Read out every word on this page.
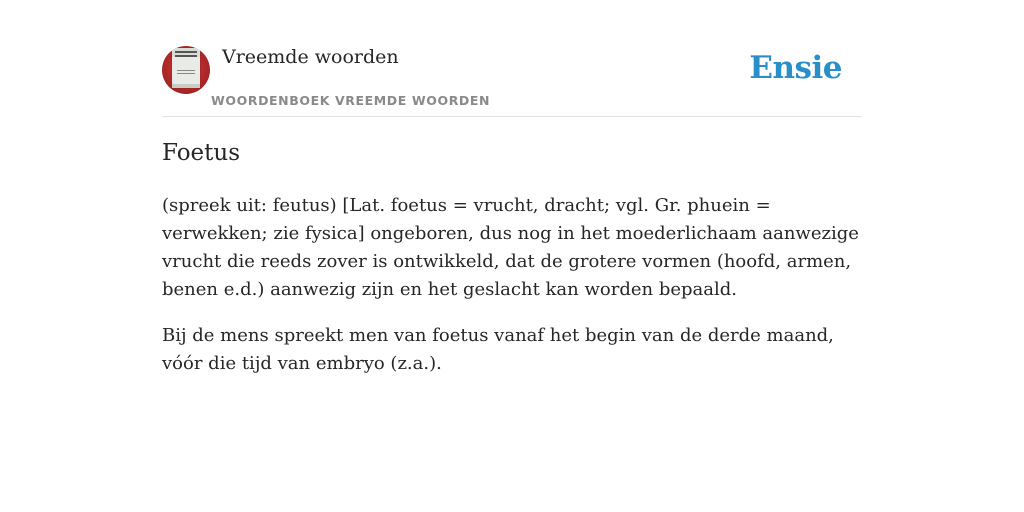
Vreemde woorden
WOORDENBOEK VREEMDE WOORDEN
Ensie
Foetus

(spreek uit: feutus) [Lat. foetus = vrucht, dracht; vgl. Gr. phuein = verwekken; zie fysica] ongeboren, dus nog in het moederlichaam aanwezige vrucht die reeds zover is ontwikkeld, dat de grotere vormen (hoofd, armen, benen e.d.) aanwezig zijn en het geslacht kan worden bepaald.

Bij de mens spreekt men van foetus vanaf het begin van de derde maand, vóór die tijd van embryo (z.a.).
